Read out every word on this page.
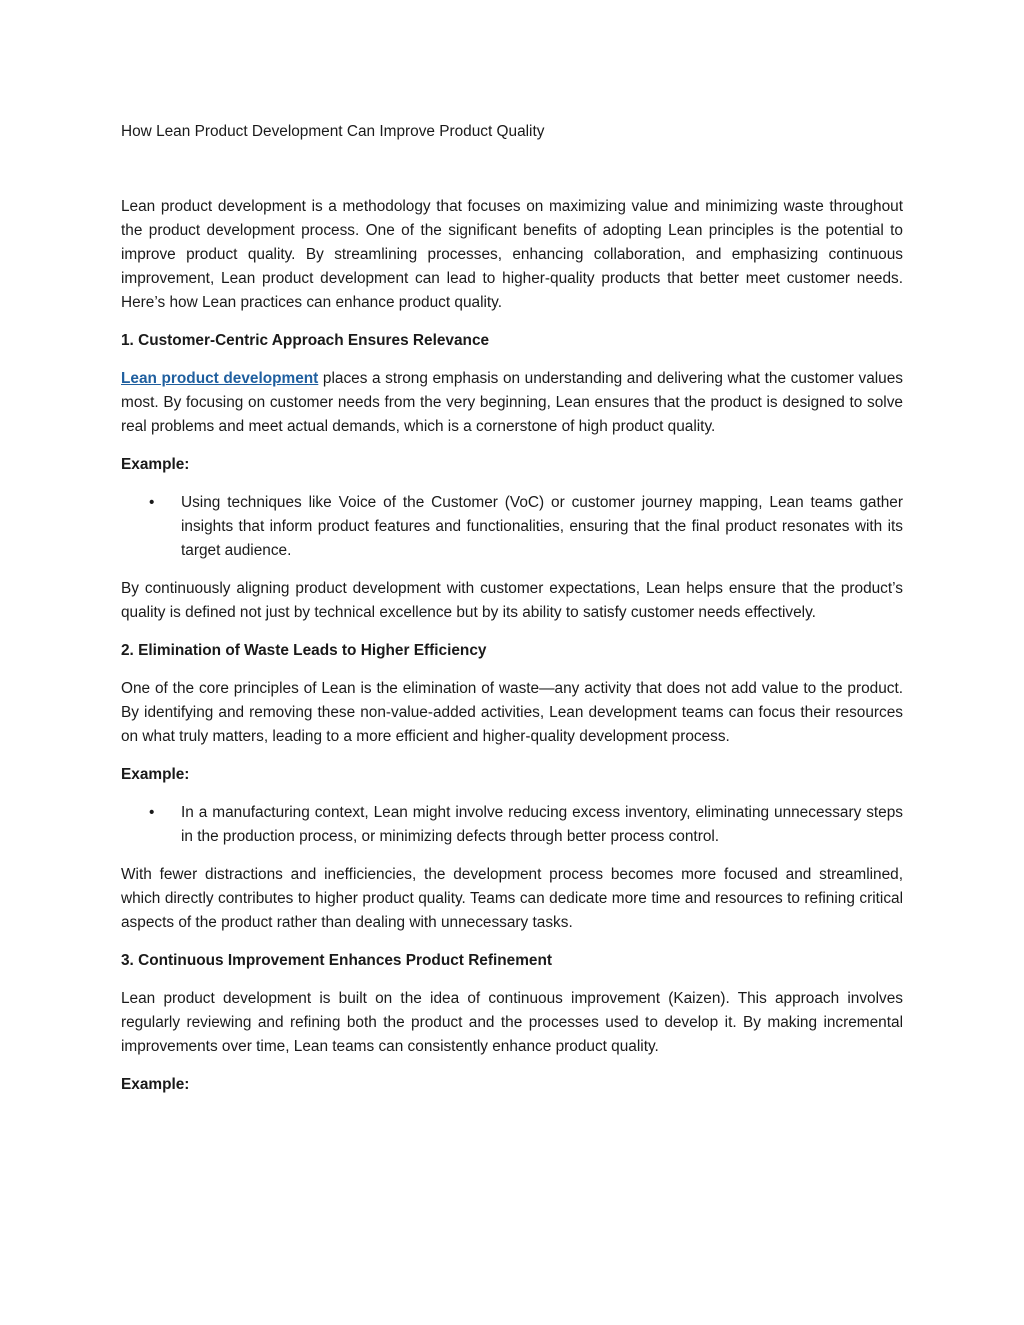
How Lean Product Development Can Improve Product Quality

Lean product development is a methodology that focuses on maximizing value and minimizing waste throughout the product development process. One of the significant benefits of adopting Lean principles is the potential to improve product quality. By streamlining processes, enhancing collaboration, and emphasizing continuous improvement, Lean product development can lead to higher-quality products that better meet customer needs. Here’s how Lean practices can enhance product quality.

1. Customer-Centric Approach Ensures Relevance

Lean product development places a strong emphasis on understanding and delivering what the customer values most. By focusing on customer needs from the very beginning, Lean ensures that the product is designed to solve real problems and meet actual demands, which is a cornerstone of high product quality.

Example:

• Using techniques like Voice of the Customer (VoC) or customer journey mapping, Lean teams gather insights that inform product features and functionalities, ensuring that the final product resonates with its target audience.

By continuously aligning product development with customer expectations, Lean helps ensure that the product’s quality is defined not just by technical excellence but by its ability to satisfy customer needs effectively.

2. Elimination of Waste Leads to Higher Efficiency

One of the core principles of Lean is the elimination of waste—any activity that does not add value to the product. By identifying and removing these non-value-added activities, Lean development teams can focus their resources on what truly matters, leading to a more efficient and higher-quality development process.

Example:

• In a manufacturing context, Lean might involve reducing excess inventory, eliminating unnecessary steps in the production process, or minimizing defects through better process control.

With fewer distractions and inefficiencies, the development process becomes more focused and streamlined, which directly contributes to higher product quality. Teams can dedicate more time and resources to refining critical aspects of the product rather than dealing with unnecessary tasks.

3. Continuous Improvement Enhances Product Refinement

Lean product development is built on the idea of continuous improvement (Kaizen). This approach involves regularly reviewing and refining both the product and the processes used to develop it. By making incremental improvements over time, Lean teams can consistently enhance product quality.

Example:
